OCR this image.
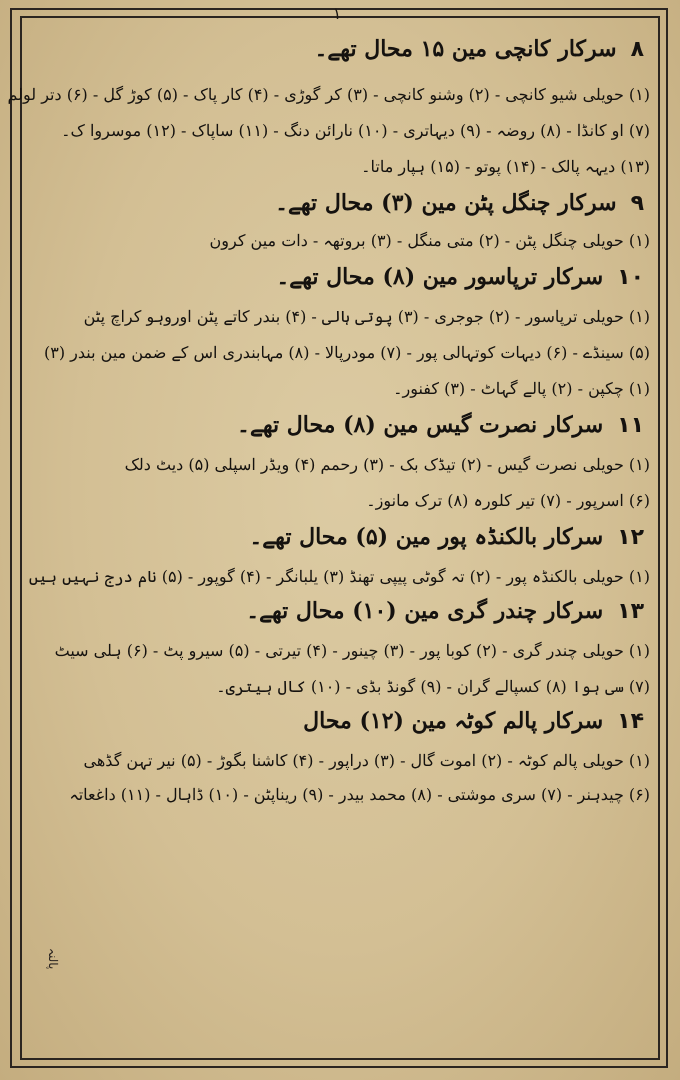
۱
۸
سرکار کانچی مین ۱۵ محال تھے۔

(۱) حویلی شیو کانچی - (۲) وشنو کانچی - (۳) کر گوڑی - (۴) کار پاک - (۵) کوڑ گل - (۶) دتر لولم

(۷) او کانڈا - (۸) روضہ - (۹) دیہاتری - (۱۰) نارائن دنگ - (۱۱) ساپاک - (۱۲) موسروا ک۔

(۱۳) دیہہ پالک - (۱۴) پوتو - (۱۵) ہپار ماتا۔

۹
سرکار چنگل پٹن مین (۳) محال تھے۔

(۱) حویلی چنگل پٹن - (۲) متی منگل - (۳) بروتھہ - دات مین کرون

۱۰
سرکار ترپاسور مین (۸) محال تھے۔

(۱) حویلی ترپاسور - (۲) جوجری - (۳) پوتی ہالی - (۴) بندر کاتے پٹن اوروہو کراچ پٹن

(۵) سینڈے - (۶) دیہات کوتہالی پور - (۷) مودرپالا - (۸) مہابندری اس کے ضمن مین بندر (۳)

(۱) چکپن - (۲) پالے گہاٹ - (۳) کفنور۔

۱۱
سرکار نصرت گیس مین (۸) محال تھے۔

(۱) حویلی نصرت گیس - (۲) تیڈک بک - (۳) رحمم (۴) ویڈر اسپلی (۵) دیٹ دلک

(۶) اسرپور - (۷) تیر کلورہ (۸) ترک مانوز۔

۱۲
سرکار بالکنڈہ پور مین (۵) محال تھے۔

(۱) حویلی بالکنڈہ پور - (۲) تہ گوٹی پیپی تھنڈ (۳) یلبانگر - (۴) گوپور - (۵) نام درج نہیں ہیں

۱۳
سرکار چندر گری مین (۱۰) محال تھے۔

(۱) حویلی چندر گری - (۲) کوبا پور - (۳) چینور - (۴) تیرتی - (۵) سیرو پٹ - (۶) ہلی سیٹ

(۷) سی ہوا (۸) کسپالے گران - (۹) گونڈ بڈی - (۱۰) کال ہیتری۔

۱۴
سرکار پالم کوٹہ مین (۱۲) محال

(۱) حویلی پالم کوٹہ - (۲) اموت گال - (۳) دراپور - (۴) کاشنا بگوڑ - (۵) نیر تہن گڈھی

(۶) چیدہنر - (۷) سری موشتی - (۸) محمد بیدر - (۹) ریناپٹن - (۱۰) ڈاہال - (۱۱) داغعاتہ

پالنہ
